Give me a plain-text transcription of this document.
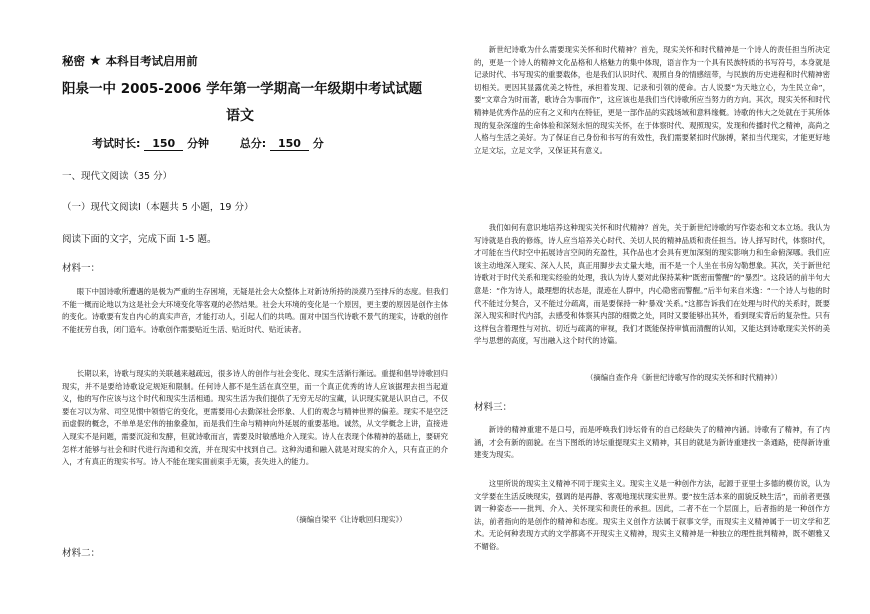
秘密 ★ 本科目考试启用前
阳泉一中 2005-2006 学年第一学期高一年级期中考试试题
语文
考试时长: 150 分钟	总分: 150 分
一、现代文阅读（35 分）
（一）现代文阅读Ⅰ（本题共 5 小题，19 分）
阅读下面的文字，完成下面 1-5 题。
材料一：

眼下中国诗歌所遭遇的是极为严重的生存困境，无疑是社会大众整体上对新诗所持的淡漠乃至排斥的态度。但我们不能一概而论地以为这是社会大环境变化等客观的必然结果。社会大环境的变化是一个原因，更主要的原因是创作主体的变化。诗歌要有发自内心的真实声音，才能打动人，引起人们的共鸣。面对中国当代诗歌不景气的现实，诗歌的创作不能抚劳自我，闭门造车。诗歌创作需要贴近生活、贴近时代、贴近读者。

长期以来，诗歌与现实的关联越来越疏远，很多诗人的创作与社会变化、现实生活渐行渐远。重提和倡导诗歌回归现实，并不是要给诗歌设定规矩和限制。任何诗人都不是生活在真空里，而一个真正优秀的诗人应该据理去担当起道义，他的写作应该与这个时代和现实生活相通。现实生活为我们提供了无穷无尽的宝藏，认识现实就是认识自己，不仅要在习以为常、司空见惯中领悟它的变化，更需要用心去勤深社会形象、人们的观念与精神世界的偏差。现实不是空泛而虚假的概念，不单单是宏伟的抽象叠加，而是我们生命与精神向外延展的重要基地。诚然，从文学概念上讲，直接进入现实不是问题，需要沉淀和发酵，但就诗歌而言，需要及时敏感地介入现实。诗人在表现个体精神的基础上，要研究怎样才能够与社会和时代进行沟通和交流，并在现实中找到自己。这种沟通和融入就是对现实的介入，只有直正的介入，才有真正的现实书写。诗人不能在现实面前束手无策，丧失进入的能力。

（摘编自梁平《让诗歌回归现实》）
材料二：

新世纪诗歌为什么需要现实关怀和时代精神？首先，现实关怀和时代精神是一个诗人的责任担当所决定的，更是一个诗人的精神文化品格和人格魅力的集中体现，语言作为一个具有民族特质的书写符号，本身就是记录时代、书写现实的重要载体，也是我们认识时代、观照自身的情感纽带，与民族的历史进程和时代精神密切相关。更因其显露优美之特性，承担着发现、记录和引领的使命。古人说要“为天地立心，为生民立命”，要“文章合为时而著，歌诗合为事而作”，这应该也是我们当代诗歌所应当努力的方向。其次，现实关怀和时代精神是优秀作品的应有之义和内在特征，更是一部作品的实践场域和意料缘概。诗歌的伟大之处就在于其所体现的复杂深邃的生命体验和深刻永恒的现实关怀，在于体察时代、观照现实，发现和传播时代之精神，高尚之人格与生活之美好。为了保证自己身份和书写的有效性，我们需要紧扣时代脉搏，紧扣当代现实，才能更好地立足文坛，立足文学，又保证其有意义。

我们如何有意识地培养这种现实关怀和时代精神？首先，关于新世纪诗歌的写作姿态和文本立场。我认为写诗就是自我的修炼，诗人应当培养关心时代、关切人民的精神品质和责任担当。诗人择写时代，体察时代，才可能在当代时空中拓展诗言空间的充盈性，其作品也才会具有更加深刻的现实影响力和生命俯深哪。我们应该主动地深入现实、深入人民，真正用脚步去丈量大地，而不是一个人坐在书房勾勒想象。其次，关于新世纪诗歌对于时代关系和现实经验的处理，我认为诗人要对此保持某种“既密而警醒”的“暴烈”。这段话的前半句大意是：“作为诗人，最理想的状态是，混迹在人群中，内心隐密而警醒。”后半句来自米逸：“一个诗人与他的时代不能过分契合，又不能过分疏离，而是要保持一种‘暴戏’关系。”这都告诉我们在处理与时代的关系时，既要深入现实和时代内部，去感受和体察其内部的细微之处，同时又要能够出其外，看到现实背后的复杂性。只有这样包含着理性与对抗、切近与疏离的审视，我们才既能保持审慎而清醒的认知，又能达到诗歌现实关怀的美学与思想的高度，写出融入这个时代的诗篇。

（摘编自查作舟《新世纪诗歌写作的现实关怀和时代精神》）
材料三：

新诗的精神重建不是口号，而是呼唤我们诗坛骨有的自己经缺失了的精神内涵。诗歌有了精神，有了内涵，才会有新的面貌。在当下图纸的诗坛重提现实主义精神，其目的就是为新诗重建找一条通路，使得新诗重建变为现实。

这里所说的现实主义精神不同于现实主义。现实主义是一种创作方法，起源于亚里士多德的模仿说，认为文学要在生活反映现实，强调的是再静、客观地现状现实世界。要“按生活本来的面貌反映生活”，而前者更强调一种姿态——批判、介入、关怀现实和责任的承担。因此，二者不在一个层面上，后者指的是一种创作方法，前者指向的是创作的精神和态度。现实主义创作方法属于叙事文学，而现实主义精神属于一切文学和艺术。无论何种表现方式的文学都离不开现实主义精神，现实主义精神是一种独立的理性批判精神，既不媚雅又不媚俗。
